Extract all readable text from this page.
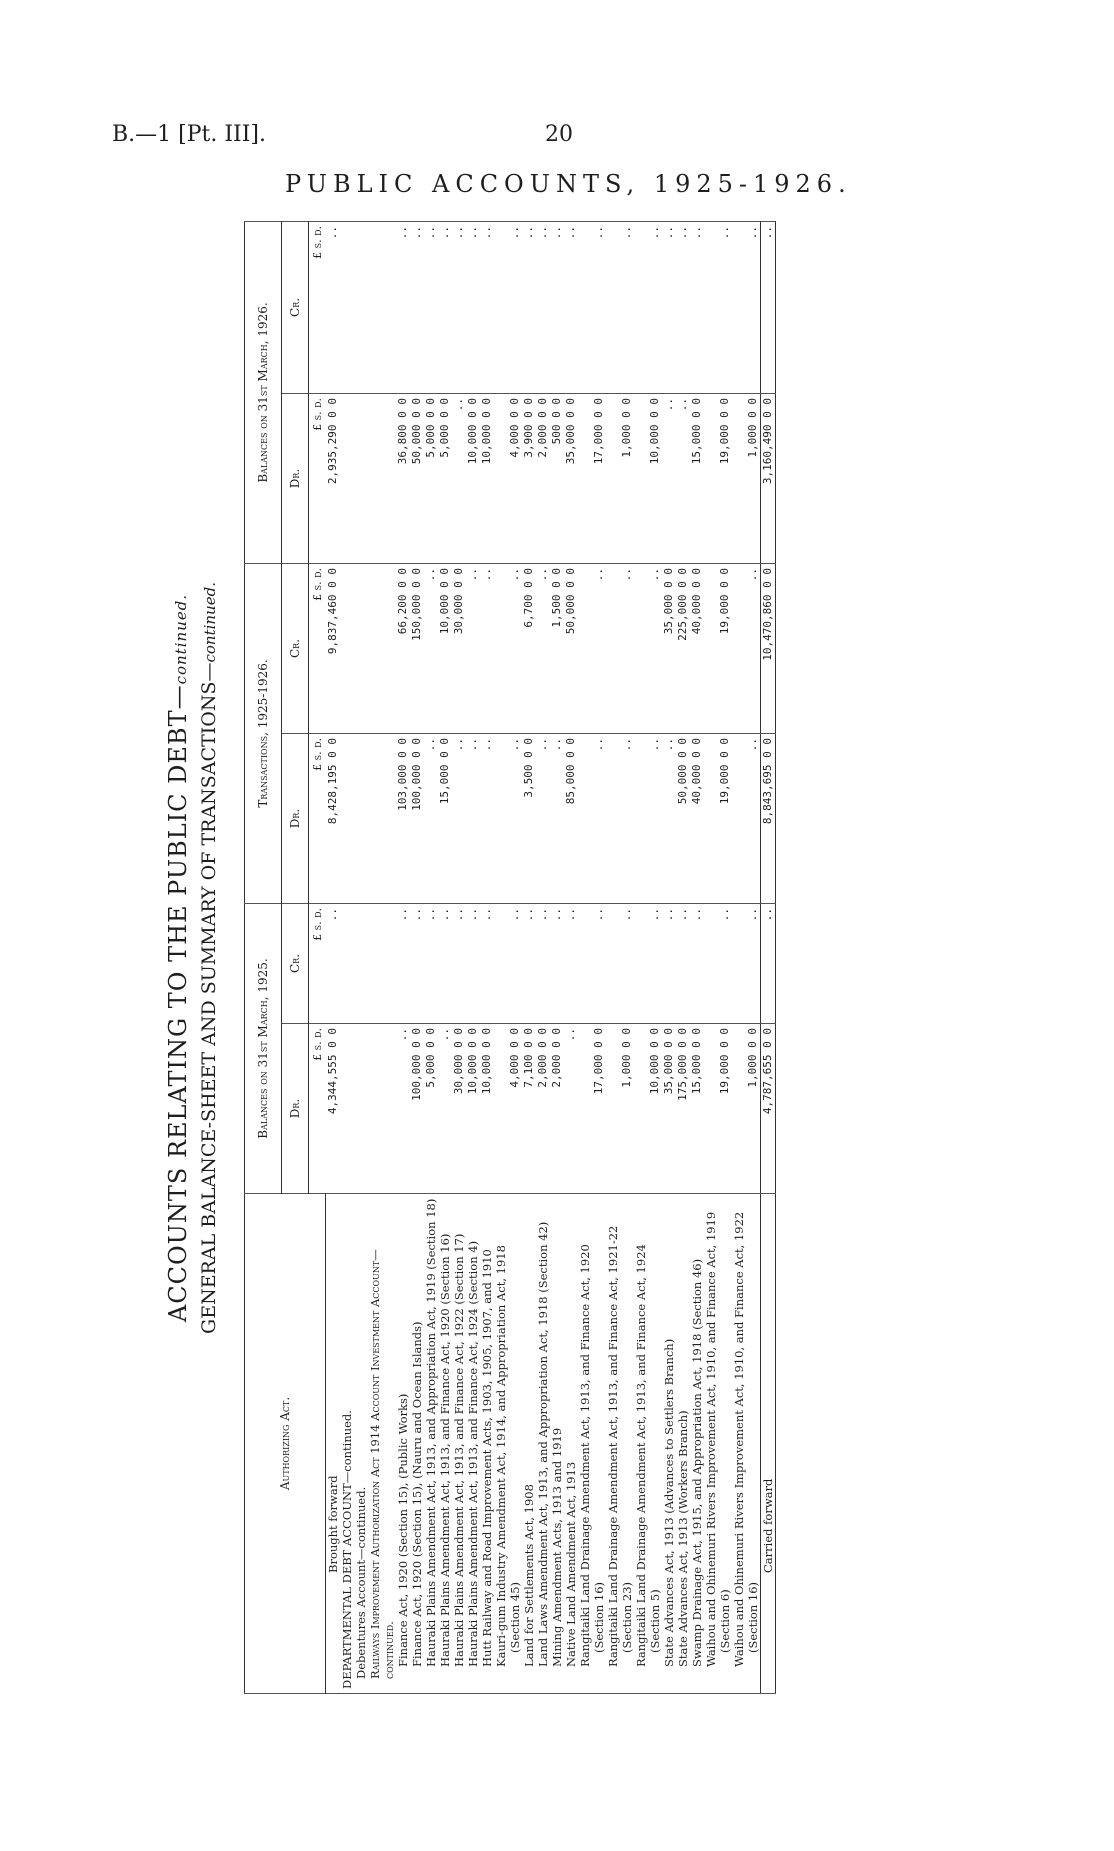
B.—1 [Pt. III].	20
PUBLIC ACCOUNTS, 1925-1926.
ACCOUNTS RELATING TO THE PUBLIC DEBT—continued.
GENERAL BALANCE-SHEET AND SUMMARY OF TRANSACTIONS—continued.
Authorizing Act.	Balances on 31st March, 1925.		Transactions, 1925-1926.		Balances on 31st March, 1926.	
	Dr.	Cr.	Dr.	Cr.	Dr.	Cr.
	£ s. d.	£ s. d.	£ s. d.	£ s. d.	£ s. d.	£ s. d.
Brought forward	4,344,555 0 0	..	8,428,195 0 0	9,837,460 0 0	2,935,290 0 0	..
DEPARTMENTAL DEBT ACCOUNT—continued.						
Debentures Account—continued.						
Railways Improvement Authorization Act 1914 Account Investment Account—continued.						
Finance Act, 1920 (Section 15), (Public Works)	..	..	103,000 0 0	66,200 0 0	36,800 0 0	..
Finance Act, 1920 (Section 15), (Nauru and Ocean Islands)	100,000 0 0	..	100,000 0 0	150,000 0 0	50,000 0 0	..
Hauraki Plains Amendment Act, 1913, and Appropriation Act, 1919 (Section 18)	5,000 0 0	..	..	..	5,000 0 0	..
Hauraki Plains Amendment Act, 1913, and Finance Act, 1920 (Section 16)	..	..	15,000 0 0	10,000 0 0	5,000 0 0	..
Hauraki Plains Amendment Act, 1913, and Finance Act, 1922 (Section 17)	30,000 0 0	..	..	30,000 0 0	..	..
Hauraki Plains Amendment Act, 1913, and Finance Act, 1924 (Section 4)	10,000 0 0	..	..	..	10,000 0 0	..
Hutt Railway and Road Improvement Acts, 1903, 1905, 1907, and 1910	10,000 0 0	..	..	..	10,000 0 0	..
Kauri-gum Industry Amendment Act, 1914, and Appropriation Act, 1918 (Section 45)	4,000 0 0	..	..	..	4,000 0 0	..
Land for Settlements Act, 1908	7,100 0 0	..	3,500 0 0	6,700 0 0	3,900 0 0	..
Land Laws Amendment Act, 1913, and Appropriation Act, 1918 (Section 42)	2,000 0 0	..	..	..	2,000 0 0	..
Mining Amendment Acts, 1913 and 1919	2,000 0 0	..	..	1,500 0 0	500 0 0	..
Native Land Amendment Act, 1913	..	..	85,000 0 0	50,000 0 0	35,000 0 0	..
Rangitaiki Land Drainage Amendment Act, 1913, and Finance Act, 1920 (Section 16)	17,000 0 0	..	..	..	17,000 0 0	..
Rangitaiki Land Drainage Amendment Act, 1913, and Finance Act, 1921-22 (Section 23)	1,000 0 0	..	..	..	1,000 0 0	..
Rangitaiki Land Drainage Amendment Act, 1913, and Finance Act, 1924 (Section 5)	10,000 0 0	..	..	..	10,000 0 0	..
State Advances Act, 1913 (Advances to Settlers Branch)	35,000 0 0	..	..	35,000 0 0	..	..
State Advances Act, 1913 (Workers Branch)	175,000 0 0	..	50,000 0 0	225,000 0 0	..	..
Swamp Drainage Act, 1915, and Appropriation Act, 1918 (Section 46)	15,000 0 0	..	40,000 0 0	40,000 0 0	15,000 0 0	..
Waihou and Ohinemuri Rivers Improvement Act, 1910, and Finance Act, 1919 (Section 6)	19,000 0 0	..	19,000 0 0	19,000 0 0	19,000 0 0	..
Waihou and Ohinemuri Rivers Improvement Act, 1910, and Finance Act, 1922 (Section 16)	1,000 0 0	..	..	..	1,000 0 0	..
Carried forward	4,787,655 0 0	..	8,843,695 0 0	10,470,860 0 0	3,160,490 0 0	..
